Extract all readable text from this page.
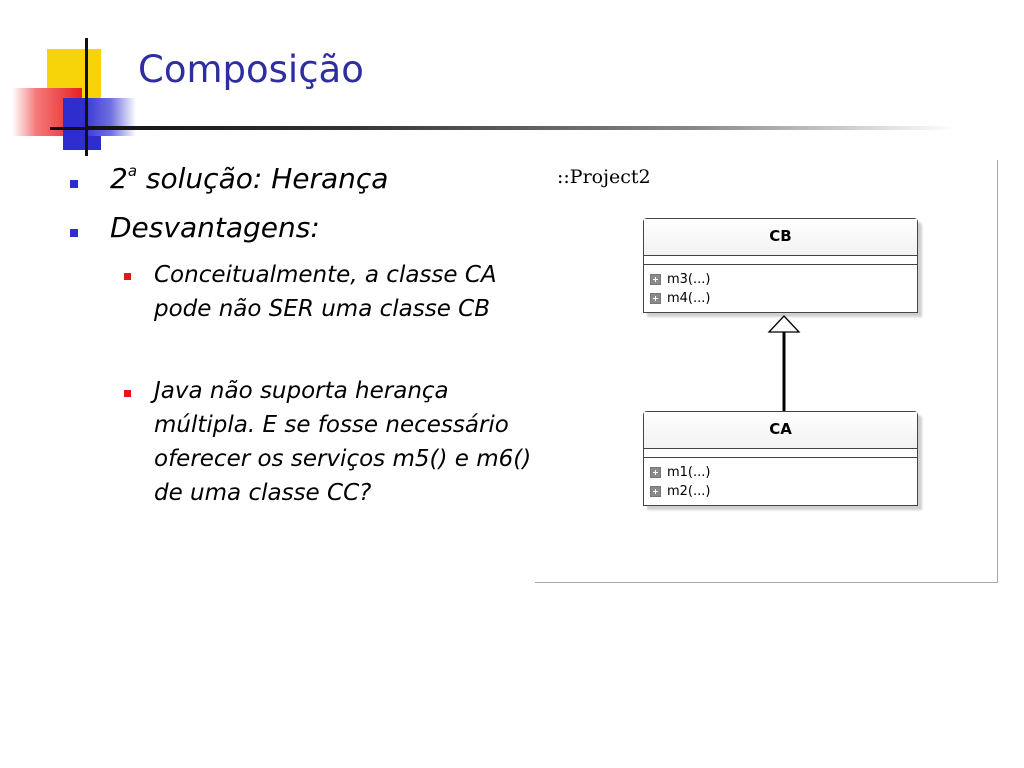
Composição
2$^a$ solução: Herança
Desvantagens:
Conceitualmente, a classe CA pode não SER uma classe CB
Java não suporta herança múltipla. E se fosse necessário oferecer os serviços m5() e m6() de uma classe CC?
::Project2
CB
m3(...)
m4(...)
CA
m1(...)
m2(...)
